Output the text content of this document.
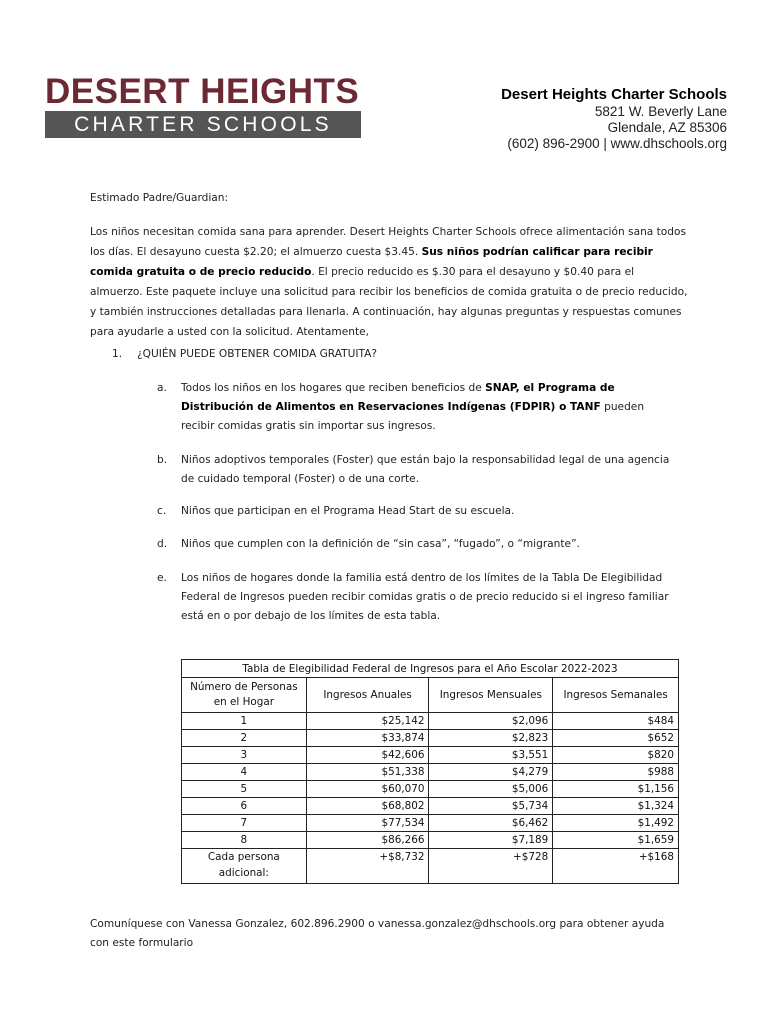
DESERT HEIGHTS
CHARTER SCHOOLS
Desert Heights Charter Schools
5821 W. Beverly Lane
Glendale, AZ 85306
(602) 896-2900 | www.dhschools.org
Estimado Padre/Guardian:
Los niños necesitan comida sana para aprender. Desert Heights Charter Schools ofrece alimentación sana todos los días. El desayuno cuesta $2.20; el almuerzo cuesta $3.45. Sus niños podrían calificar para recibir comida gratuita o de precio reducido. El precio reducido es $.30 para el desayuno y $0.40 para el almuerzo. Este paquete incluye una solicitud para recibir los beneficios de comida gratuita o de precio reducido, y también instrucciones detalladas para llenarla. A continuación, hay algunas preguntas y respuestas comunes para ayudarle a usted con la solicitud. Atentamente,
1. ¿QUIÉN PUEDE OBTENER COMIDA GRATUITA?
a. Todos los niños en los hogares que reciben beneficios de SNAP, el Programa de Distribución de Alimentos en Reservaciones Indígenas (FDPIR) o TANF pueden recibir comidas gratis sin importar sus ingresos.
b. Niños adoptivos temporales (Foster) que están bajo la responsabilidad legal de una agencia de cuidado temporal (Foster) o de una corte.
c. Niños que participan en el Programa Head Start de su escuela.
d. Niños que cumplen con la definición de “sin casa”, “fugado”, o “migrante”.
e. Los niños de hogares donde la familia está dentro de los límites de la Tabla De Elegibilidad Federal de Ingresos pueden recibir comidas gratis o de precio reducido si el ingreso familiar está en o por debajo de los límites de esta tabla.
Tabla de Elegibilidad Federal de Ingresos para el Año Escolar 2022-2023			
Número de Personas en el Hogar	Ingresos Anuales	Ingresos Mensuales	Ingresos Semanales
1	$25,142	$2,096	$484
2	$33,874	$2,823	$652
3	$42,606	$3,551	$820
4	$51,338	$4,279	$988
5	$60,070	$5,006	$1,156
6	$68,802	$5,734	$1,324
7	$77,534	$6,462	$1,492
8	$86,266	$7,189	$1,659
Cada persona adicional:	+$8,732	+$728	+$168
Comuníquese con Vanessa Gonzalez, 602.896.2900 o vanessa.gonzalez@dhschools.org para obtener ayuda con este formulario
